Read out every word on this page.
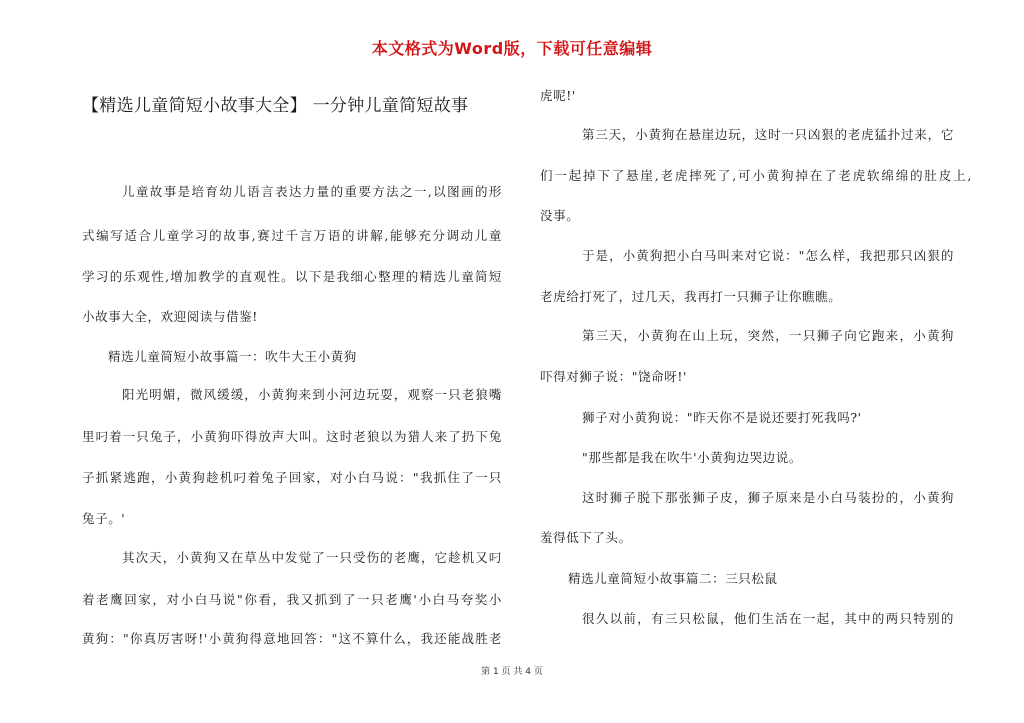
本文格式为Word版，下载可任意编辑
【精选儿童简短小故事大全】 一分钟儿童简短故事
儿童故事是培育幼儿语言表达力量的重要方法之一,以图画的形
式编写适合儿童学习的故事,赛过千言万语的讲解,能够充分调动儿童
学习的乐观性,增加教学的直观性。以下是我细心整理的精选儿童简短
小故事大全，欢迎阅读与借鉴!
精选儿童简短小故事篇一：吹牛大王小黄狗
阳光明媚，微风缓缓，小黄狗来到小河边玩耍，观察一只老狼嘴
里叼着一只兔子，小黄狗吓得放声大叫。这时老狼以为猎人来了扔下兔
子抓紧逃跑，小黄狗趁机叼着兔子回家，对小白马说："我抓住了一只
兔子。'
其次天，小黄狗又在草丛中发觉了一只受伤的老鹰，它趁机又叼
着老鹰回家，对小白马说"你看，我又抓到了一只老鹰'小白马夸奖小
黄狗："你真厉害呀!'小黄狗得意地回答："这不算什么，我还能战胜老
虎呢!'
第三天，小黄狗在悬崖边玩，这时一只凶狠的老虎猛扑过来，它
们一起掉下了悬崖,老虎摔死了,可小黄狗掉在了老虎软绵绵的肚皮上,
没事。
于是，小黄狗把小白马叫来对它说："怎么样，我把那只凶狠的
老虎给打死了，过几天，我再打一只狮子让你瞧瞧。
第三天，小黄狗在山上玩，突然，一只狮子向它跑来，小黄狗
吓得对狮子说："饶命呀!'
狮子对小黄狗说："昨天你不是说还要打死我吗?'
"那些都是我在吹牛'小黄狗边哭边说。
这时狮子脱下那张狮子皮，狮子原来是小白马装扮的，小黄狗
羞得低下了头。
精选儿童简短小故事篇二：三只松鼠
很久以前，有三只松鼠，他们生活在一起，其中的两只特别的
第 1 页 共 4 页
